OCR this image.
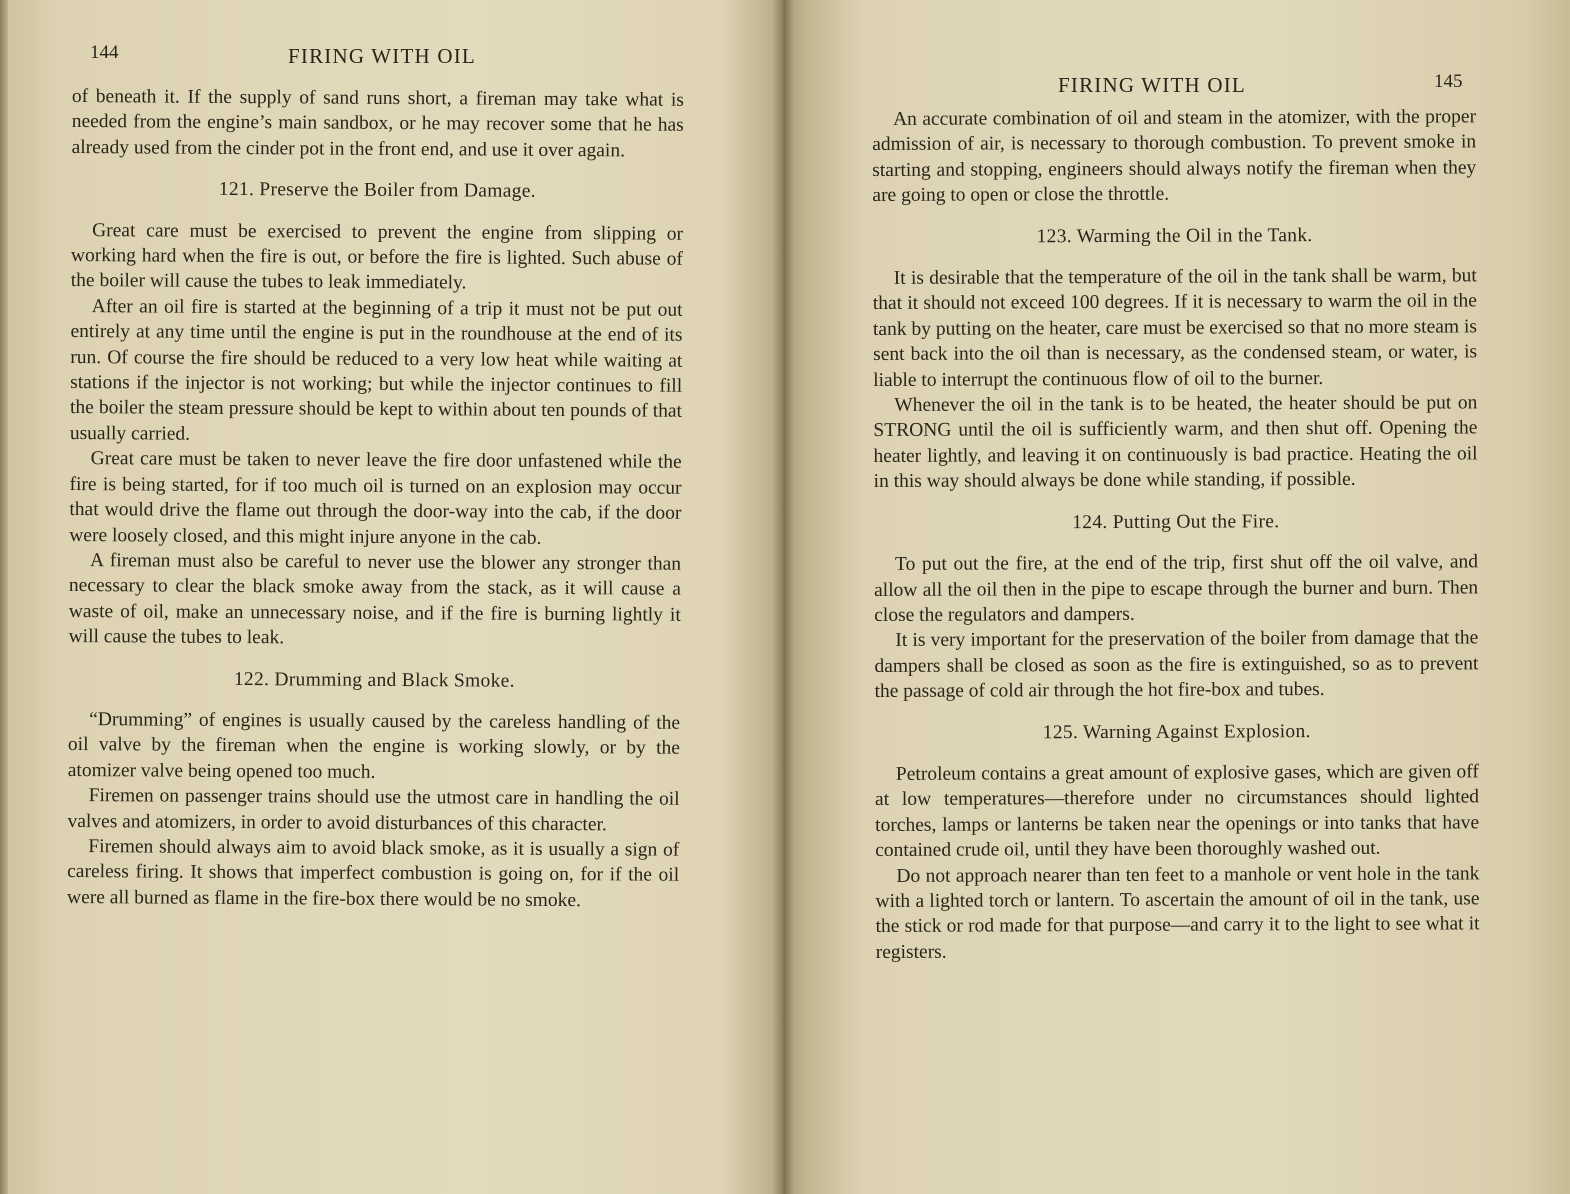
144	FIRING WITH OIL

of beneath it. If the supply of sand runs short, a fireman may take what is needed from the engine’s main sandbox, or he may recover some that he has already used from the cinder pot in the front end, and use it over again.

121. Preserve the Boiler from Damage.

Great care must be exercised to prevent the engine from slipping or working hard when the fire is out, or before the fire is lighted. Such abuse of the boiler will cause the tubes to leak immediately.

After an oil fire is started at the beginning of a trip it must not be put out entirely at any time until the engine is put in the roundhouse at the end of its run. Of course the fire should be reduced to a very low heat while waiting at stations if the injector is not working; but while the injector continues to fill the boiler the steam pressure should be kept to within about ten pounds of that usually carried.

Great care must be taken to never leave the fire door unfastened while the fire is being started, for if too much oil is turned on an explosion may occur that would drive the flame out through the door-way into the cab, if the door were loosely closed, and this might injure anyone in the cab.

A fireman must also be careful to never use the blower any stronger than necessary to clear the black smoke away from the stack, as it will cause a waste of oil, make an unnecessary noise, and if the fire is burning lightly it will cause the tubes to leak.

122. Drumming and Black Smoke.

“Drumming” of engines is usually caused by the careless handling of the oil valve by the fireman when the engine is working slowly, or by the atomizer valve being opened too much.

Firemen on passenger trains should use the utmost care in handling the oil valves and atomizers, in order to avoid disturbances of this character.

Firemen should always aim to avoid black smoke, as it is usually a sign of careless firing. It shows that imperfect combustion is going on, for if the oil were all burned as flame in the fire-box there would be no smoke.

FIRING WITH OIL	145

An accurate combination of oil and steam in the atomizer, with the proper admission of air, is necessary to thorough combustion. To prevent smoke in starting and stopping, engineers should always notify the fireman when they are going to open or close the throttle.

123. Warming the Oil in the Tank.

It is desirable that the temperature of the oil in the tank shall be warm, but that it should not exceed 100 degrees. If it is necessary to warm the oil in the tank by putting on the heater, care must be exercised so that no more steam is sent back into the oil than is necessary, as the condensed steam, or water, is liable to interrupt the continuous flow of oil to the burner.

Whenever the oil in the tank is to be heated, the heater should be put on STRONG until the oil is sufficiently warm, and then shut off. Opening the heater lightly, and leaving it on continuously is bad practice. Heating the oil in this way should always be done while standing, if possible.

124. Putting Out the Fire.

To put out the fire, at the end of the trip, first shut off the oil valve, and allow all the oil then in the pipe to escape through the burner and burn. Then close the regulators and dampers.

It is very important for the preservation of the boiler from damage that the dampers shall be closed as soon as the fire is extinguished, so as to prevent the passage of cold air through the hot fire-box and tubes.

125. Warning Against Explosion.

Petroleum contains a great amount of explosive gases, which are given off at low temperatures—therefore under no circumstances should lighted torches, lamps or lanterns be taken near the openings or into tanks that have contained crude oil, until they have been thoroughly washed out.

Do not approach nearer than ten feet to a manhole or vent hole in the tank with a lighted torch or lantern. To ascertain the amount of oil in the tank, use the stick or rod made for that purpose—and carry it to the light to see what it registers.
